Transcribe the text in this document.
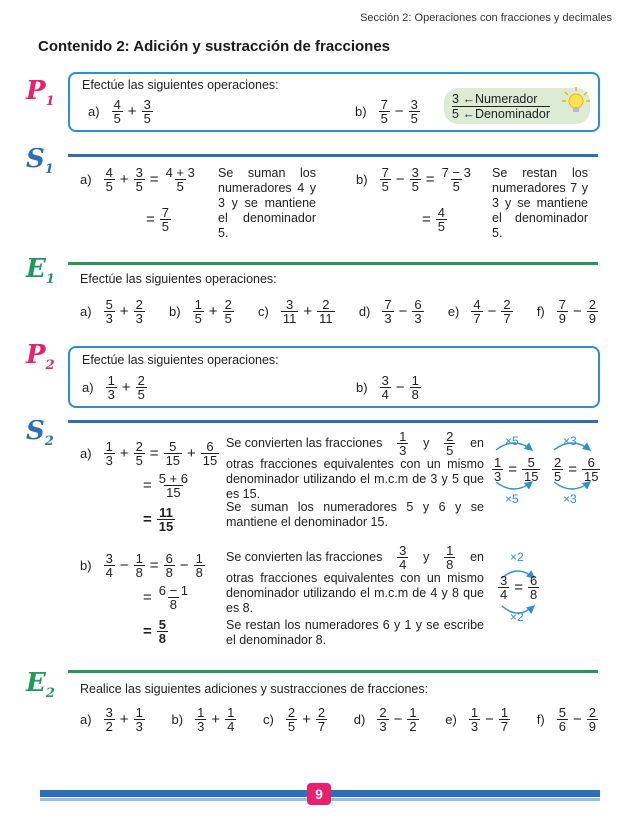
Sección 2: Operaciones con fracciones y decimales
Contenido 2: Adición y sustracción de fracciones
$P_1$
Efectúe las siguientes operaciones:
$a) \frac{4}{5} + \frac{3}{5}$	$b) \frac{7}{5} - \frac{3}{5}$	3 ←Numerador
5 ←Denominador
$S_1$
$a) \frac{4}{5} + \frac{3}{5} = \frac{4 + 3}{5}$
= $\frac{7}{5}$
Se suman los numeradores 4 y 3 y se mantiene el denominador 5.
$b) \frac{7}{5} - \frac{3}{5} = \frac{7 - 3}{5}$
= $\frac{4}{5}$
Se restan los numeradores 7 y 3 y se mantiene el denominador 5.
$E_1$ Efectúe las siguientes operaciones:
$a) \frac{5}{3} + \frac{2}{3} b) \frac{1}{5} + \frac{2}{5} c) \frac{3}{11} + \frac{2}{11} d) \frac{7}{3} - \frac{6}{3} e) \frac{4}{7} - \frac{2}{7} f) \frac{7}{9} - \frac{2}{9}$
$P_2$ Efectúe las siguientes operaciones:
$a) \frac{1}{3} + \frac{2}{5}$	$b) \frac{3}{4} - \frac{1}{8}$
$S_2$
$a) \frac{1}{3} + \frac{2}{5} = \frac{5}{15} + \frac{6}{15}$
= $\frac{5 + 6}{15}$
= $\frac{11}{15}$
Se convierten las fracciones $\frac{1}{3}$ y $\frac{2}{5}$ en
otras fracciones equivalentes con un mismo denominador utilizando el m.c.m de 3 y 5 que es 15.
Se suman los numeradores 5 y 6 y se mantiene el denominador 15.
×5
×5
$\frac{1}{3} = \frac{5}{15}$
×3
×3
$\frac{2}{5} = \frac{6}{15}$
$b) \frac{3}{4} - \frac{1}{8} = \frac{6}{8} - \frac{1}{8}$
= $\frac{6 - 1}{8}$
= $\frac{5}{8}$
Se convierten las fracciones $\frac{3}{4}$ y $\frac{1}{8}$ en
otras fracciones equivalentes con un mismo denominador utilizando el m.c.m de 4 y 8 que es 8.
Se restan los numeradores 6 y 1 y se escribe el denominador 8.
×2
×2
$\frac{3}{4} = \frac{6}{8}$
$E_2$ Realice las siguientes adiciones y sustracciones de fracciones:
$a) \frac{3}{2} + \frac{1}{3} b) \frac{1}{3} + \frac{1}{4} c) \frac{2}{5} + \frac{2}{7} d) \frac{2}{3} - \frac{1}{2} e) \frac{1}{3} - \frac{1}{7} f) \frac{5}{6} - \frac{2}{9}$
9
